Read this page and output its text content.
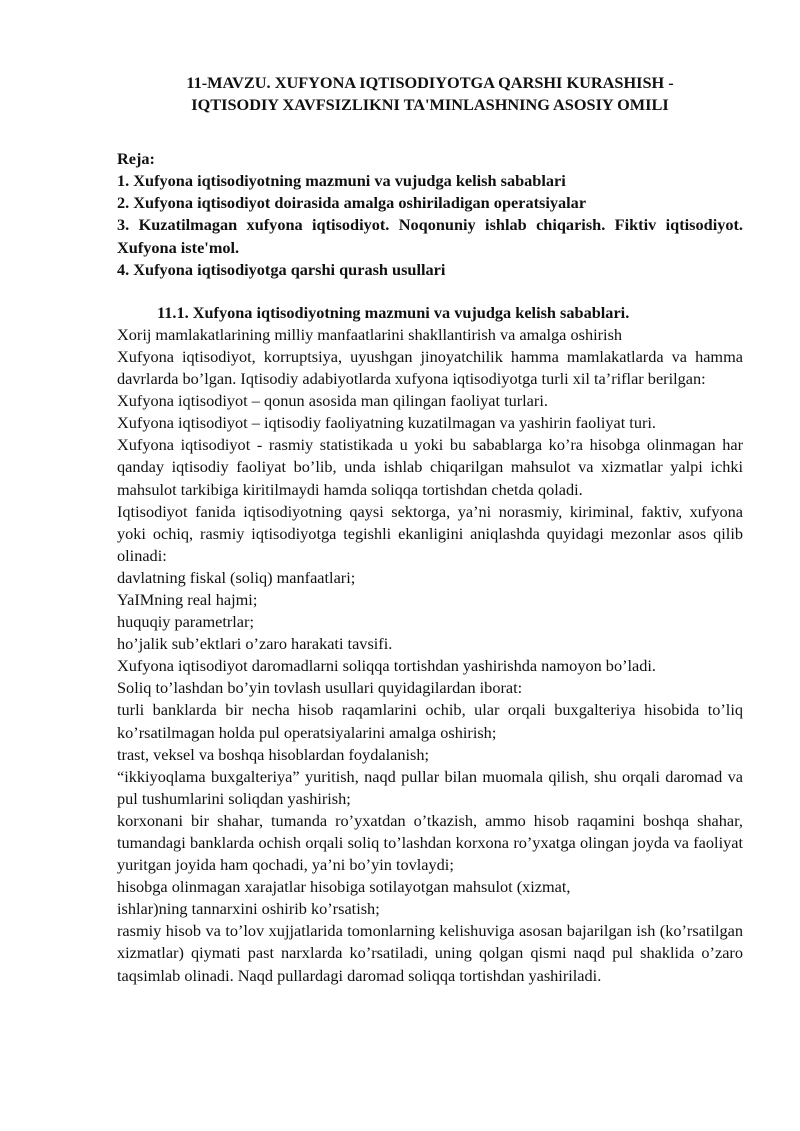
11-MAVZU. XUFYONA IQTISODIYOTGA QARSHI KURASHISH -

IQTISODIY XAVFSIZLIKNI TA'MINLASHNING ASOSIY OMILI

Reja:

1. Xufyona iqtisodiyotning mazmuni va vujudga kelish sabablari

2. Xufyona iqtisodiyot doirasida amalga oshiriladigan operatsiyalar

3. Kuzatilmagan xufyona iqtisodiyot. Noqonuniy ishlab chiqarish. Fiktiv iqtisodiyot. Xufyona iste'mol.

4. Xufyona iqtisodiyotga qarshi qurash usullari

11.1. Xufyona iqtisodiyotning mazmuni va vujudga kelish sabablari.

Xorij mamlakatlarining milliy manfaatlarini shakllantirish va amalga oshirish

Xufyona iqtisodiyot, korruptsiya, uyushgan jinoyatchilik hamma mamlakatlarda va hamma davrlarda bo’lgan. Iqtisodiy adabiyotlarda xufyona iqtisodiyotga turli xil ta’riflar berilgan:

Xufyona iqtisodiyot – qonun asosida man qilingan faoliyat turlari.

Xufyona iqtisodiyot – iqtisodiy faoliyatning kuzatilmagan va yashirin faoliyat turi.

Xufyona iqtisodiyot - rasmiy statistikada u yoki bu sabablarga ko’ra hisobga olinmagan har qanday iqtisodiy faoliyat bo’lib, unda ishlab chiqarilgan mahsulot va xizmatlar yalpi ichki mahsulot tarkibiga kiritilmaydi hamda soliqqa tortishdan chetda qoladi.

Iqtisodiyot fanida iqtisodiyotning qaysi sektorga, ya’ni norasmiy, kiriminal, faktiv, xufyona yoki ochiq, rasmiy iqtisodiyotga tegishli ekanligini aniqlashda quyidagi mezonlar asos qilib olinadi:

davlatning fiskal (soliq) manfaatlari;

YaIMning real hajmi;

huquqiy parametrlar;

ho’jalik sub’ektlari o’zaro harakati tavsifi.

Xufyona iqtisodiyot daromadlarni soliqqa tortishdan yashirishda namoyon bo’ladi.

Soliq to’lashdan bo’yin tovlash usullari quyidagilardan iborat:

turli banklarda bir necha hisob raqamlarini ochib, ular orqali buxgalteriya hisobida to’liq ko’rsatilmagan holda pul operatsiyalarini amalga oshirish;

trast, veksel va boshqa hisoblardan foydalanish;

“ikkiyoqlama buxgalteriya” yuritish, naqd pullar bilan muomala qilish, shu orqali daromad va pul tushumlarini soliqdan yashirish;

korxonani bir shahar, tumanda ro’yxatdan o’tkazish, ammo hisob raqamini boshqa shahar, tumandagi banklarda ochish orqali soliq to’lashdan korxona ro’yxatga olingan joyda va faoliyat yuritgan joyida ham qochadi, ya’ni bo’yin tovlaydi;

hisobga olinmagan xarajatlar hisobiga sotilayotgan mahsulot (xizmat,

ishlar)ning tannarxini oshirib ko’rsatish;

rasmiy hisob va to’lov xujjatlarida tomonlarning kelishuviga asosan bajarilgan ish (ko’rsatilgan xizmatlar) qiymati past narxlarda ko’rsatiladi, uning qolgan qismi naqd pul shaklida o’zaro taqsimlab olinadi. Naqd pullardagi daromad soliqqa tortishdan yashiriladi.
